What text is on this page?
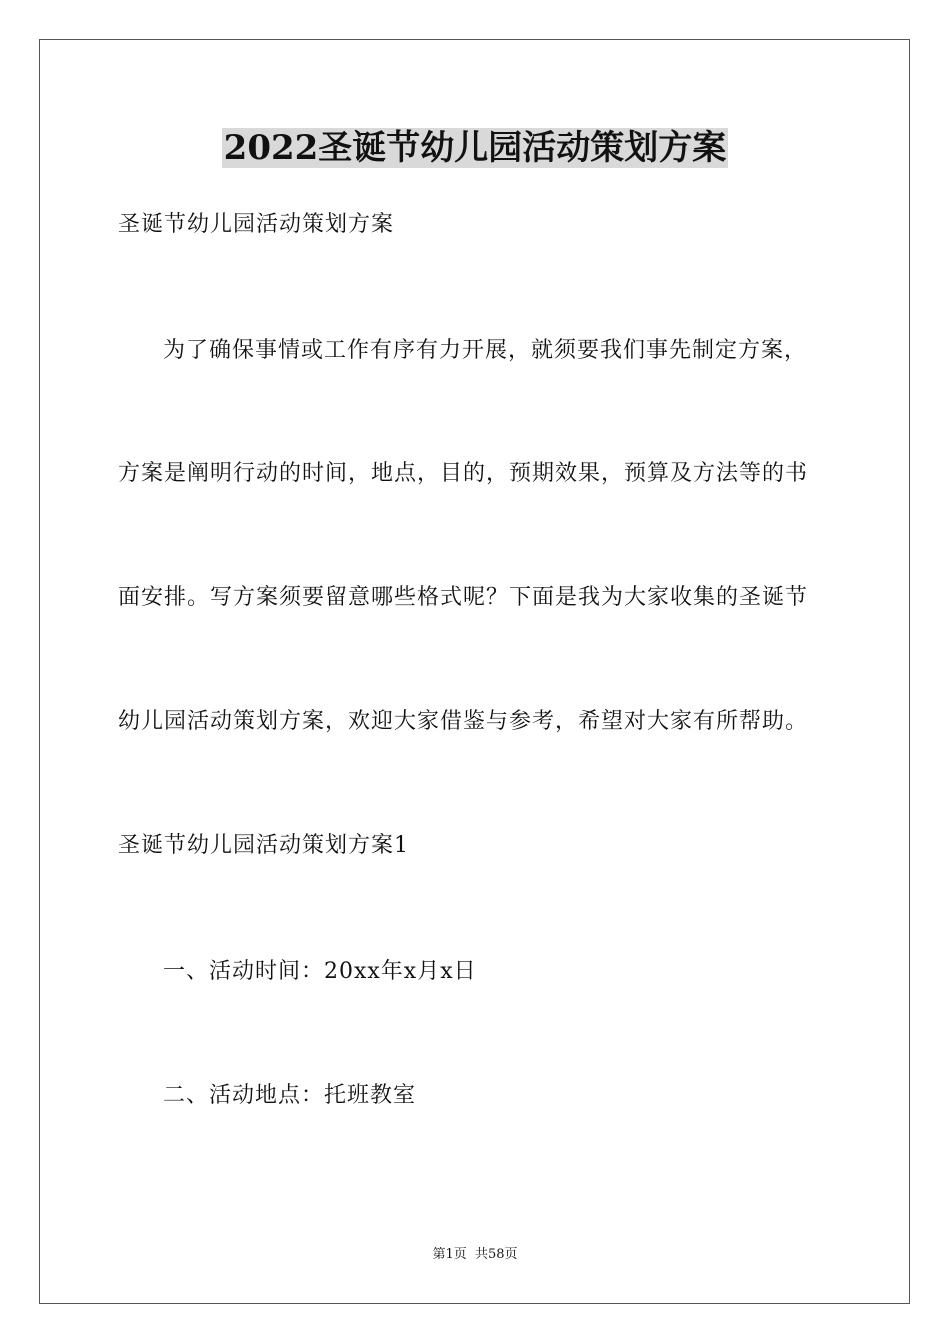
2022圣诞节幼儿园活动策划方案
圣诞节幼儿园活动策划方案
为了确保事情或工作有序有力开展，就须要我们事先制定方案，
方案是阐明行动的时间，地点，目的，预期效果，预算及方法等的书
面安排。写方案须要留意哪些格式呢？下面是我为大家收集的圣诞节
幼儿园活动策划方案，欢迎大家借鉴与参考，希望对大家有所帮助。
圣诞节幼儿园活动策划方案1
一、活动时间：20xx年x月x日
二、活动地点：托班教室
第1页  共58页
